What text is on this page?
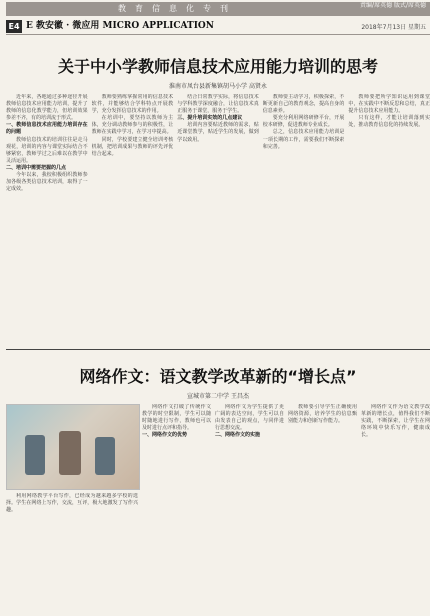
教育信息化专刊	责编/席英德 版式/席英德
E4 E 教安徽 · 微应用 MICRO APPLICATION	2018年7月13日 星期五
关于中小学教师信息技术应用能力培训的思考
淮南市凤台县新集镇胡马小学 高贤永

近年来，各地通过多种途径开展教师信息技术应用能力培训，提升了教师的信息化教学能力，但培训效果参差不齐，有的培训流于形式。

一、教师信息技术应用能力培训存在的问题

教师信息技术的培训往往是走马观花，培训的内容与课堂实际结合不够紧密，教师学过之后难以在教学中灵活运用。

二、培训中需要把握的几点

今年以来，我校积极组织教师参加各级各类信息技术培训，取得了一定成效。

教师要熟练掌握常用的信息技术软件，并能够结合学科特点开展教学，充分发挥信息技术的作用。

在培训中，要坚持以教师为主体，充分调动教师参与的积极性，让教师在实践中学习，在学习中提高。

同时，学校要建立健全培训考核机制，把培训成果与教师的评先评优结合起来。

结合日常教学实际，将信息技术与学科教学深度融合，让信息技术真正服务于课堂，服务于学生。

三、提升培训实效的几点建议

培训内容要贴近教师的需求，贴近课堂教学，贴近学生的发展，做到学以致用。

教师要主动学习，积极探索，不断更新自己的教育观念，提高自身的信息素养。

要充分利用网络研修平台，开展校本研修，促进教师专业成长。

总之，信息技术应用能力培训是一项长期的工作，需要我们不断探索和完善。

教师要把所学知识运用到课堂中，在实践中不断反思和总结，真正提升信息技术应用能力。

只有这样，才能让培训落到实处，推动教育信息化的持续发展。

网络作文：语文教学改革新的“增长点”
宣城市第二中学 王昌杰

利用网络教学平台写作，已经成为越来越多学校的选择。学生在网络上写作，交流，互评，极大地激发了写作兴趣。

网络作文打破了传统作文教学的时空限制，学生可以随时随地进行写作，教师也可以及时进行点评和指导。

一、网络作文的优势

网络作文为学生提供了更广阔的表达空间，学生可以自由发表自己的观点，与同伴进行思想交流。

二、网络作文的实施

教师要引导学生正确使用网络资源，培养学生的信息甄别能力和创新写作能力。

网络作文作为语文教学改革新的增长点，值得我们不断实践，不断探索，让学生在网络环境中快乐写作，健康成长。
